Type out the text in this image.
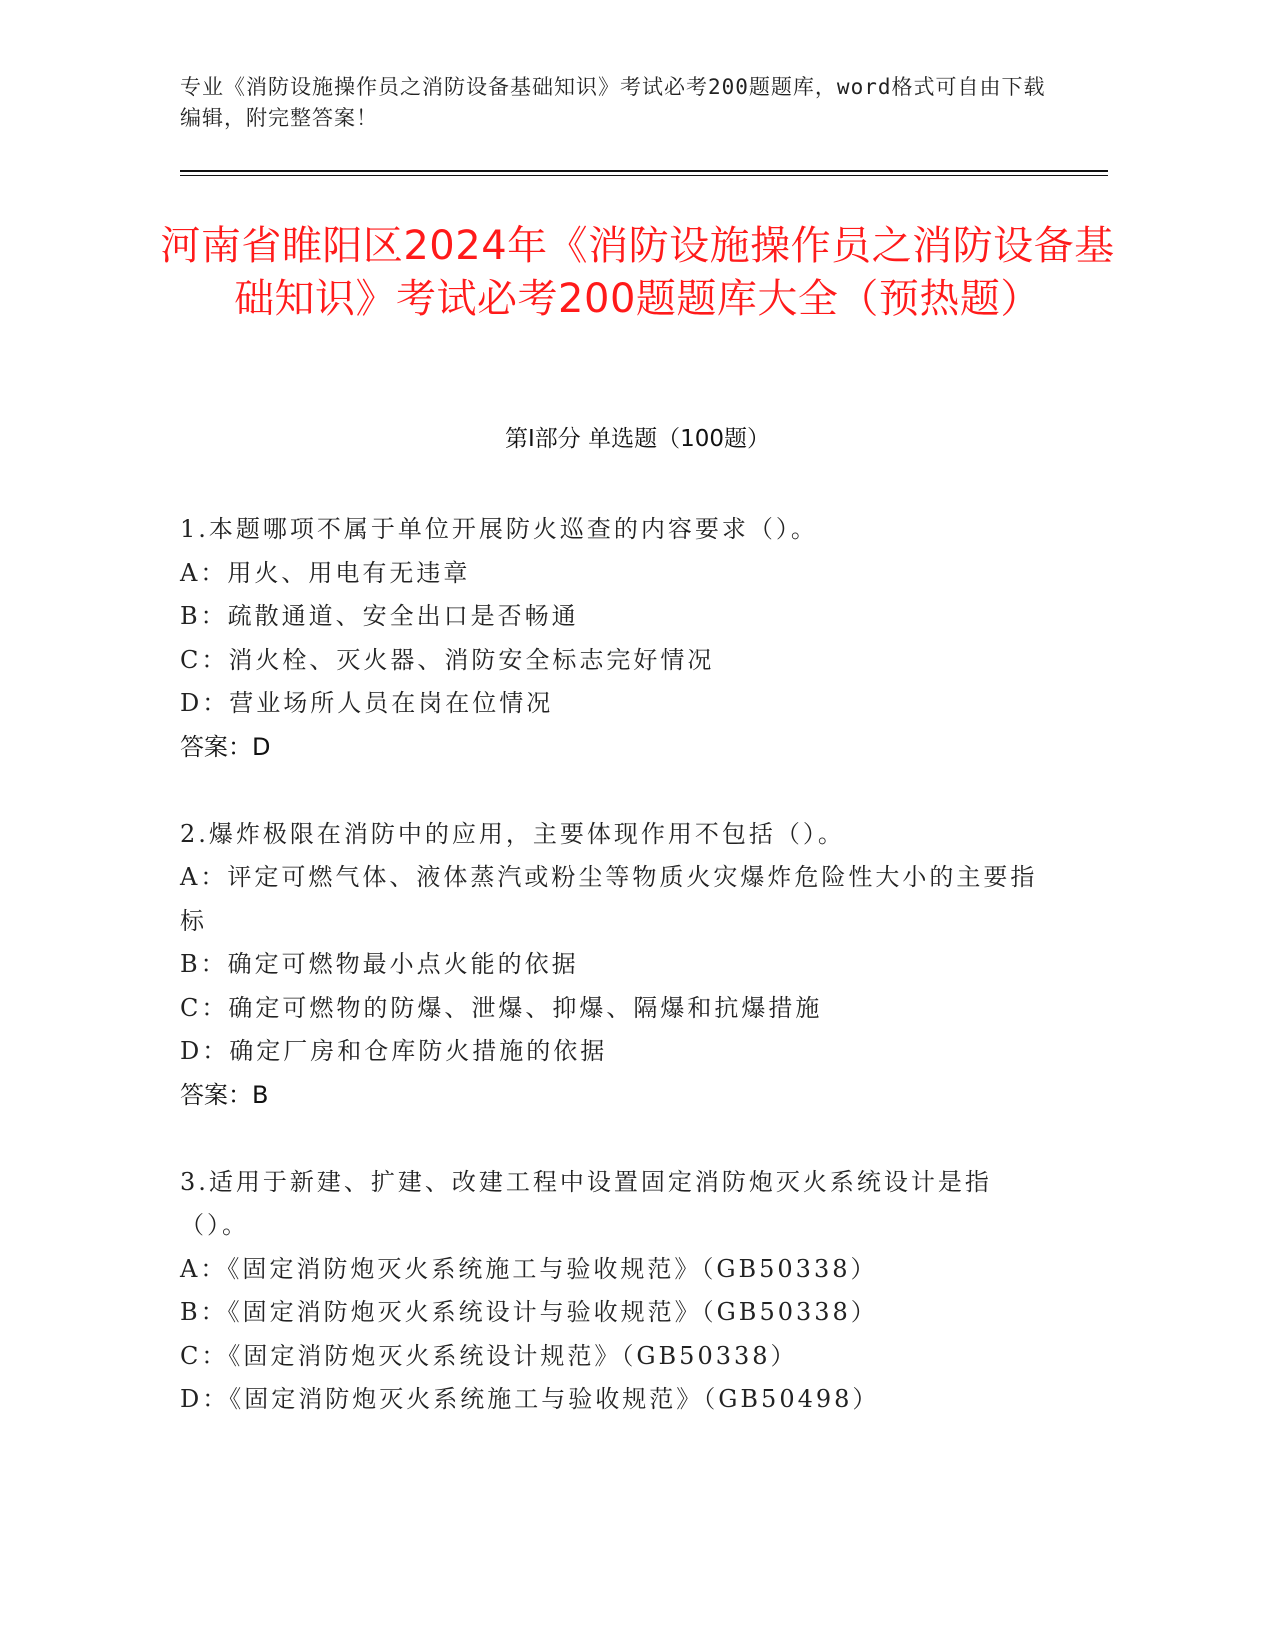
专业《消防设施操作员之消防设备基础知识》考试必考200题题库，word格式可自由下载编辑，附完整答案！
河南省睢阳区2024年《消防设施操作员之消防设备基础知识》考试必考200题题库大全（预热题）
第I部分 单选题（100题）
1.本题哪项不属于单位开展防火巡查的内容要求（）。
A：用火、用电有无违章
B：疏散通道、安全出口是否畅通
C：消火栓、灭火器、消防安全标志完好情况
D：营业场所人员在岗在位情况
答案：D
2.爆炸极限在消防中的应用，主要体现作用不包括（）。
A：评定可燃气体、液体蒸汽或粉尘等物质火灾爆炸危险性大小的主要指标
B：确定可燃物最小点火能的依据
C：确定可燃物的防爆、泄爆、抑爆、隔爆和抗爆措施
D：确定厂房和仓库防火措施的依据
答案：B
3.适用于新建、扩建、改建工程中设置固定消防炮灭火系统设计是指（）。
A：《固定消防炮灭火系统施工与验收规范》（GB50338）
B：《固定消防炮灭火系统设计与验收规范》（GB50338）
C：《固定消防炮灭火系统设计规范》（GB50338）
D：《固定消防炮灭火系统施工与验收规范》（GB50498）
